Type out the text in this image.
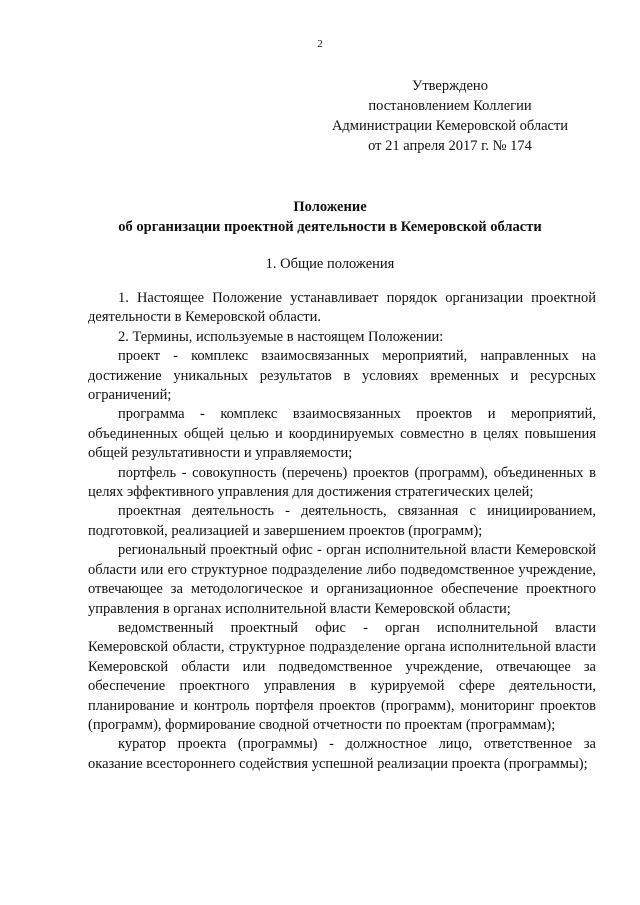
2
Утверждено
постановлением Коллегии
Администрации Кемеровской области
от 21 апреля 2017 г. № 174
Положение
об организации проектной деятельности в Кемеровской области
1. Общие положения

1. Настоящее Положение устанавливает порядок организации проектной деятельности в Кемеровской области.

2. Термины, используемые в настоящем Положении:

проект - комплекс взаимосвязанных мероприятий, направленных на достижение уникальных результатов в условиях временных и ресурсных ограничений;

программа - комплекс взаимосвязанных проектов и мероприятий, объединенных общей целью и координируемых совместно в целях повышения общей результативности и управляемости;

портфель - совокупность (перечень) проектов (программ), объединенных в целях эффективного управления для достижения стратегических целей;

проектная деятельность - деятельность, связанная с инициированием, подготовкой, реализацией и завершением проектов (программ);

региональный проектный офис - орган исполнительной власти Кемеровской области или его структурное подразделение либо подведомственное учреждение, отвечающее за методологическое и организационное обеспечение проектного управления в органах исполнительной власти Кемеровской области;

ведомственный проектный офис - орган исполнительной власти Кемеровской области, структурное подразделение органа исполнительной власти Кемеровской области или подведомственное учреждение, отвечающее за обеспечение проектного управления в курируемой сфере деятельности, планирование и контроль портфеля проектов (программ), мониторинг проектов (программ), формирование сводной отчетности по проектам (программам);

куратор проекта (программы) - должностное лицо, ответственное за оказание всестороннего содействия успешной реализации проекта (программы);
